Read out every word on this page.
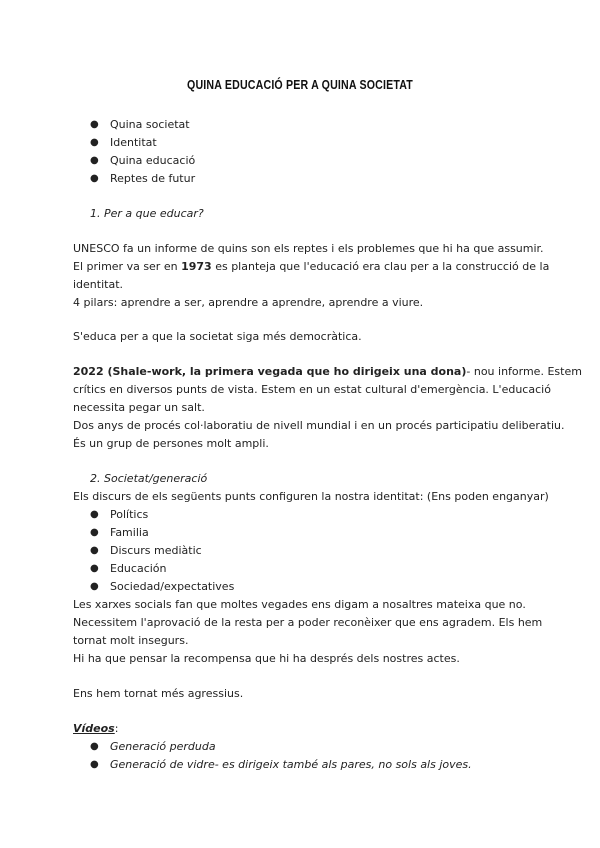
QUINA EDUCACIÓ PER A QUINA SOCIETAT
● Quina societat
● Identitat
● Quina educació
● Reptes de futur
1. Per a que educar?
UNESCO fa un informe de quins son els reptes i els problemes que hi ha que assumir.
El primer va ser en 1973 es planteja que l'educació era clau per a la construcció de la
identitat.
4 pilars: aprendre a ser, aprendre a aprendre, aprendre a viure.
S'educa per a que la societat siga més democràtica.
2022 (Shale-work, la primera vegada que ho dirigeix una dona)- nou informe. Estem
crítics en diversos punts de vista. Estem en un estat cultural d'emergència. L'educació
necessita pegar un salt.
Dos anys de procés col·laboratiu de nivell mundial i en un procés participatiu deliberatiu.
És un grup de persones molt ampli.
2. Societat/generació
Els discurs de els següents punts configuren la nostra identitat: (Ens poden enganyar)
● Polítics
● Familia
● Discurs mediàtic
● Educación
● Sociedad/expectatives
Les xarxes socials fan que moltes vegades ens digam a nosaltres mateixa que no.
Necessitem l'aprovació de la resta per a poder reconèixer que ens agradem. Els hem
tornat molt insegurs.
Hi ha que pensar la recompensa que hi ha després dels nostres actes.
Ens hem tornat més agressius.
Vídeos:
● Generació perduda
● Generació de vidre- es dirigeix també als pares, no sols als joves.
